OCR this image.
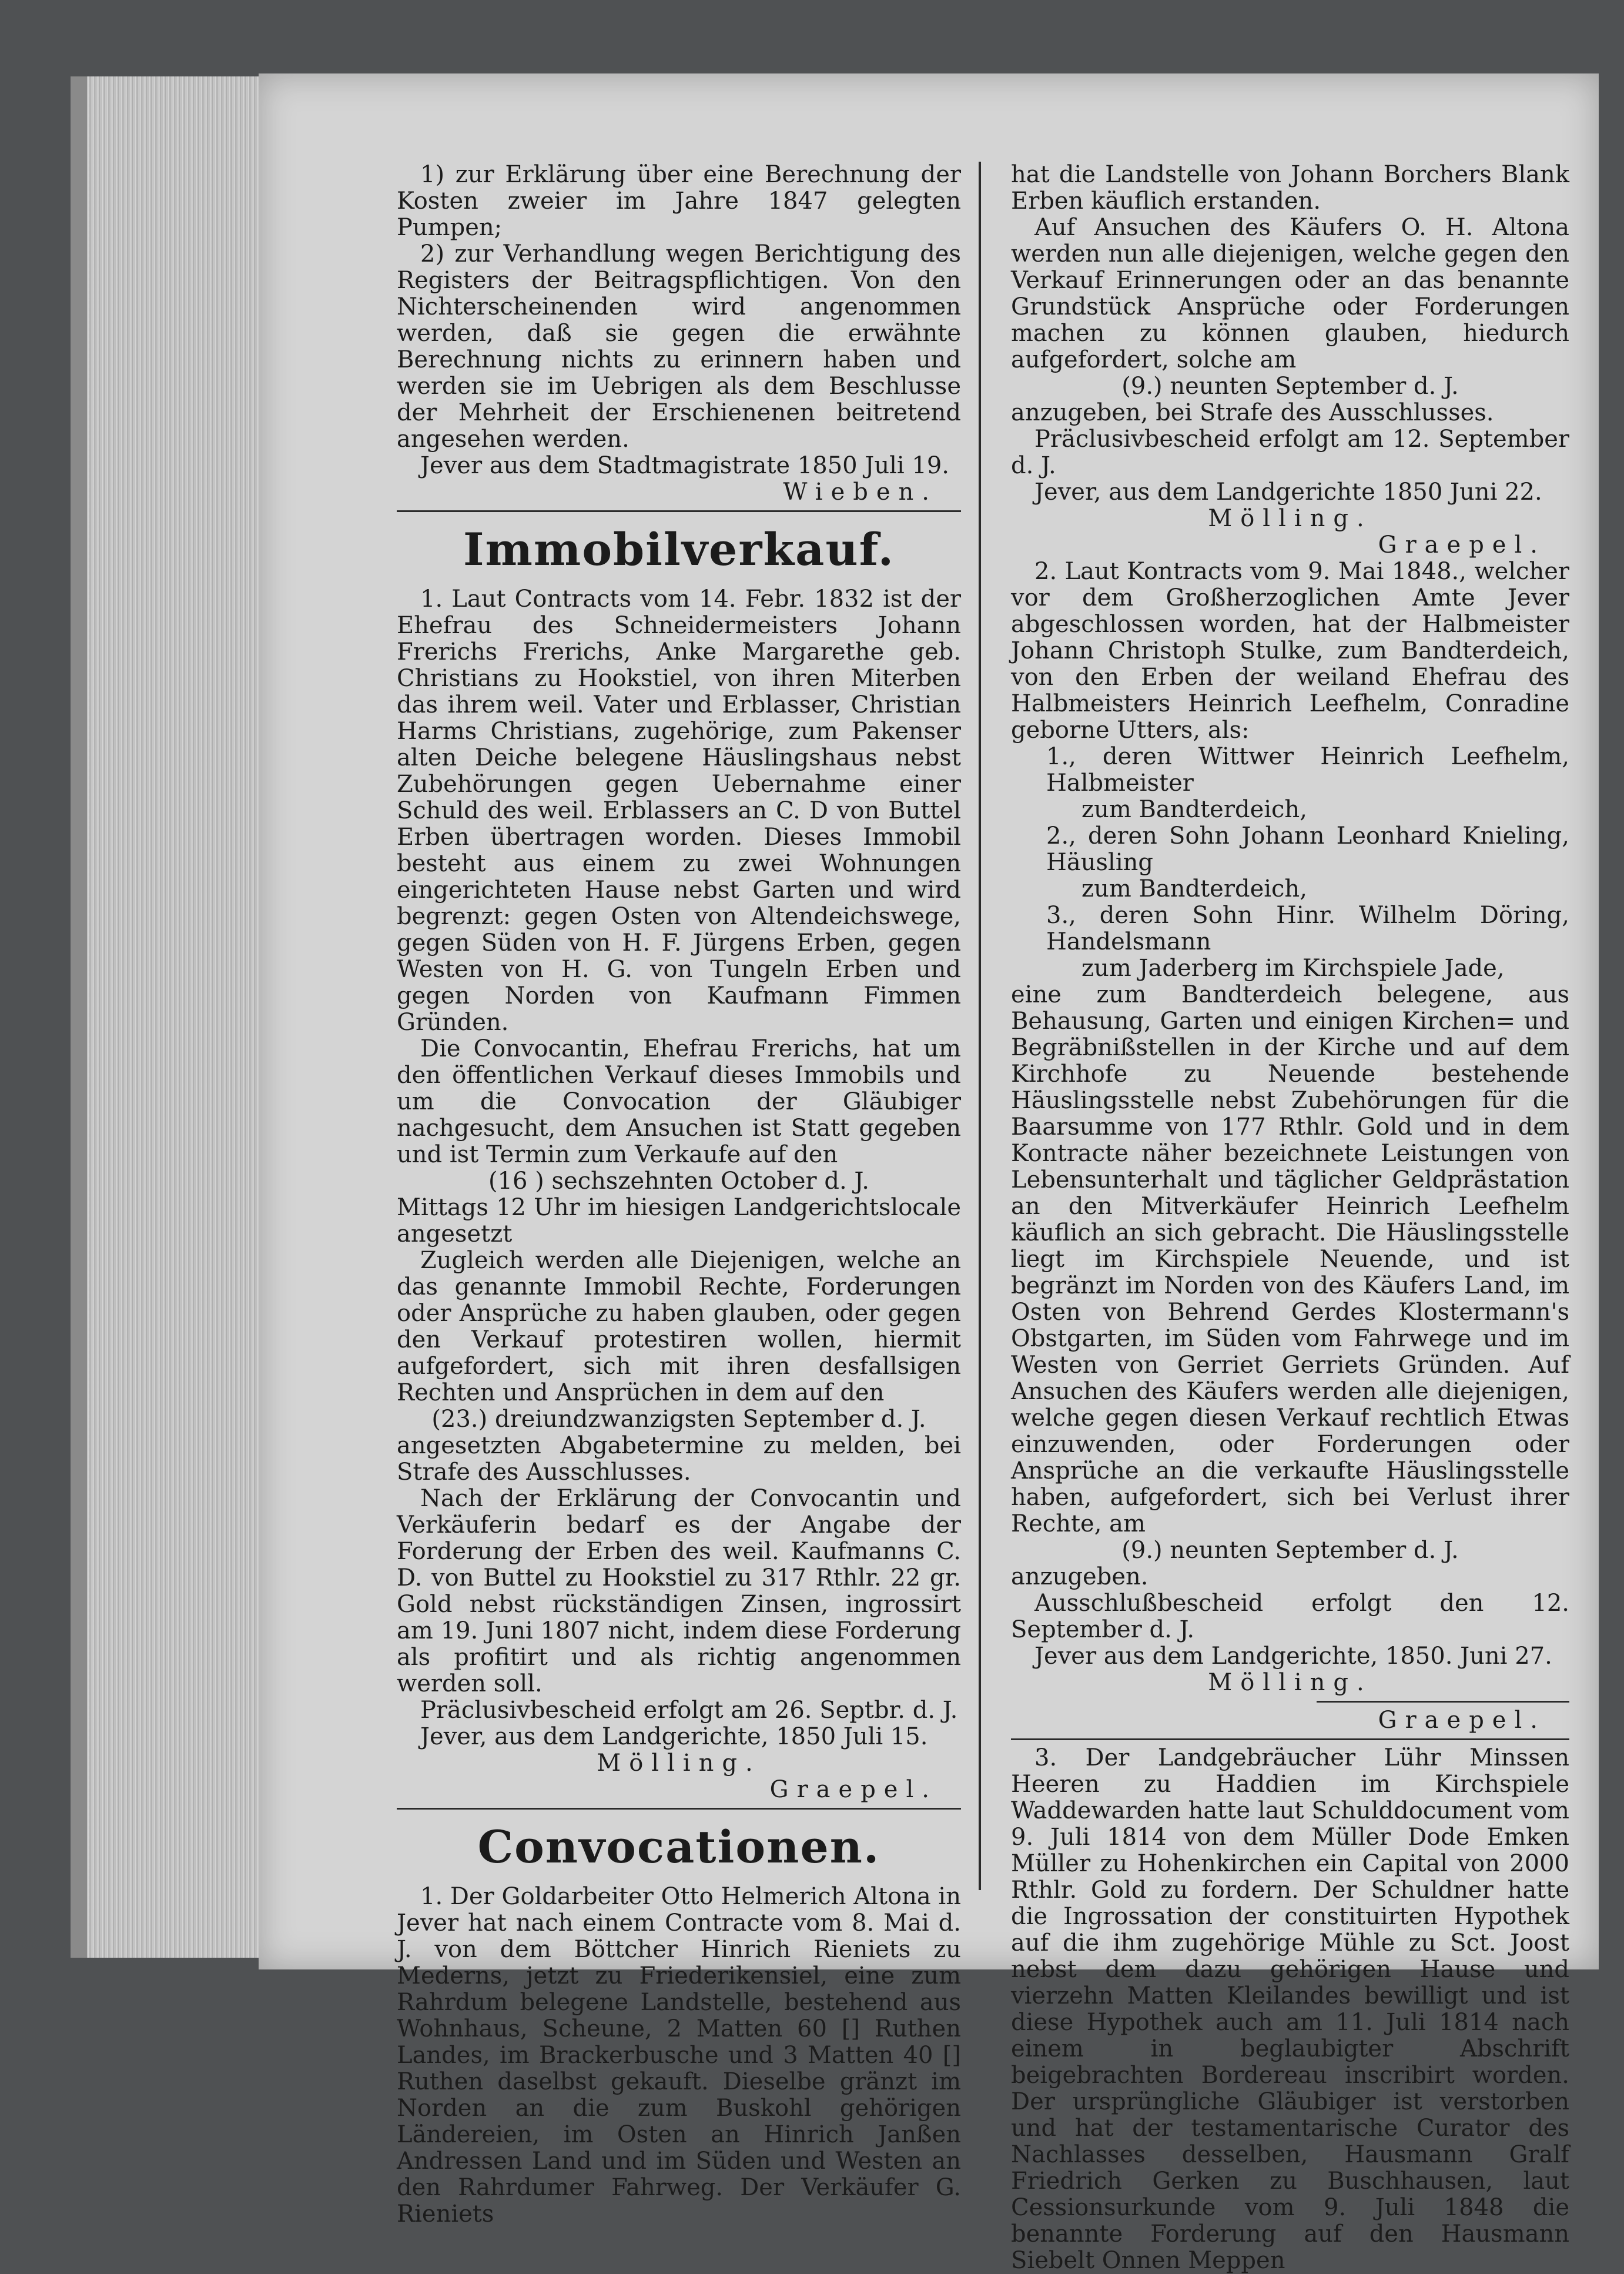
1) zur Erklärung über eine Berechnung der Kosten zweier im Jahre 1847 gelegten Pumpen;

2) zur Verhandlung wegen Berichtigung des Registers der Beitragspflichtigen. Von den Nichterscheinenden wird angenommen werden, daß sie gegen die erwähnte Berechnung nichts zu erinnern haben und werden sie im Uebrigen als dem Beschlusse der Mehrheit der Erschienenen beitretend angesehen werden.

Jever aus dem Stadtmagistrate 1850 Juli 19.

Wieben.

Immobilverkauf.

1. Laut Contracts vom 14. Febr. 1832 ist der Ehefrau des Schneidermeisters Johann Frerichs Frerichs, Anke Margarethe geb. Christians zu Hookstiel, von ihren Miterben das ihrem weil. Vater und Erblasser, Christian Harms Christians, zugehörige, zum Pakenser alten Deiche belegene Häuslingshaus nebst Zubehörungen gegen Uebernahme einer Schuld des weil. Erblassers an C. D von Buttel Erben übertragen worden. Dieses Immobil besteht aus einem zu zwei Wohnungen eingerichteten Hause nebst Garten und wird begrenzt: gegen Osten von Altendeichswege, gegen Süden von H. F. Jürgens Erben, gegen Westen von H. G. von Tungeln Erben und gegen Norden von Kaufmann Fimmen Gründen.

Die Convocantin, Ehefrau Frerichs, hat um den öffentlichen Verkauf dieses Immobils und um die Convocation der Gläubiger nachgesucht, dem Ansuchen ist Statt gegeben und ist Termin zum Verkaufe auf den

(16 ) sechszehnten October d. J.

Mittags 12 Uhr im hiesigen Landgerichtslocale angesetzt

Zugleich werden alle Diejenigen, welche an das genannte Immobil Rechte, Forderungen oder Ansprüche zu haben glauben, oder gegen den Verkauf protestiren wollen, hiermit aufgefordert, sich mit ihren desfallsigen Rechten und Ansprüchen in dem auf den

(23.) dreiundzwanzigsten September d. J.

angesetzten Abgabetermine zu melden, bei Strafe des Ausschlusses.

Nach der Erklärung der Convocantin und Verkäuferin bedarf es der Angabe der Forderung der Erben des weil. Kaufmanns C. D. von Buttel zu Hookstiel zu 317 Rthlr. 22 gr. Gold nebst rückständigen Zinsen, ingrossirt am 19. Juni 1807 nicht, indem diese Forderung als profitirt und als richtig angenommen werden soll.

Präclusivbescheid erfolgt am 26. Septbr. d. J.

Jever, aus dem Landgerichte, 1850 Juli 15.

Mölling.

Graepel.

Convocationen.

1. Der Goldarbeiter Otto Helmerich Altona in Jever hat nach einem Contracte vom 8. Mai d. J. von dem Böttcher Hinrich Rieniets zu Mederns, jetzt zu Friederikensiel, eine zum Rahrdum belegene Landstelle, bestehend aus Wohnhaus, Scheune, 2 Matten 60 [] Ruthen Landes, im Brackerbusche und 3 Matten 40 [] Ruthen daselbst gekauft. Dieselbe gränzt im Norden an die zum Buskohl gehörigen Ländereien, im Osten an Hinrich Janßen Andressen Land und im Süden und Westen an den Rahrdumer Fahrweg. Der Verkäufer G. Rieniets

hat die Landstelle von Johann Borchers Blank Erben käuflich erstanden.

Auf Ansuchen des Käufers O. H. Altona werden nun alle diejenigen, welche gegen den Verkauf Erinnerungen oder an das benannte Grundstück Ansprüche oder Forderungen machen zu können glauben, hiedurch aufgefordert, solche am

(9.) neunten September d. J.

anzugeben, bei Strafe des Ausschlusses.

Präclusivbescheid erfolgt am 12. September d. J.

Jever, aus dem Landgerichte 1850 Juni 22.

Mölling.

Graepel.

2. Laut Kontracts vom 9. Mai 1848., welcher vor dem Großherzoglichen Amte Jever abgeschlossen worden, hat der Halbmeister Johann Christoph Stulke, zum Bandterdeich, von den Erben der weiland Ehefrau des Halbmeisters Heinrich Leefhelm, Conradine geborne Utters, als:

1., deren Wittwer Heinrich Leefhelm, Halbmeister

zum Bandterdeich,

2., deren Sohn Johann Leonhard Knieling, Häusling

zum Bandterdeich,

3., deren Sohn Hinr. Wilhelm Döring, Handelsmann

zum Jaderberg im Kirchspiele Jade,

eine zum Bandterdeich belegene, aus Behausung, Garten und einigen Kirchen= und Begräbnißstellen in der Kirche und auf dem Kirchhofe zu Neuende bestehende Häuslingsstelle nebst Zubehörungen für die Baarsumme von 177 Rthlr. Gold und in dem Kontracte näher bezeichnete Leistungen von Lebensunterhalt und täglicher Geldprästation an den Mitverkäufer Heinrich Leefhelm käuflich an sich gebracht. Die Häuslingsstelle liegt im Kirchspiele Neuende, und ist begränzt im Norden von des Käufers Land, im Osten von Behrend Gerdes Klostermann's Obstgarten, im Süden vom Fahrwege und im Westen von Gerriet Gerriets Gründen. Auf Ansuchen des Käufers werden alle diejenigen, welche gegen diesen Verkauf rechtlich Etwas einzuwenden, oder Forderungen oder Ansprüche an die verkaufte Häuslingsstelle haben, aufgefordert, sich bei Verlust ihrer Rechte, am

(9.) neunten September d. J.

anzugeben.

Ausschlußbescheid erfolgt den 12. September d. J.

Jever aus dem Landgerichte, 1850. Juni 27.

Mölling.

Graepel.

3. Der Landgebräucher Lühr Minssen Heeren zu Haddien im Kirchspiele Waddewarden hatte laut Schulddocument vom 9. Juli 1814 von dem Müller Dode Emken Müller zu Hohenkirchen ein Capital von 2000 Rthlr. Gold zu fordern. Der Schuldner hatte die Ingrossation der constituirten Hypothek auf die ihm zugehörige Mühle zu Sct. Joost nebst dem dazu gehörigen Hause und vierzehn Matten Kleilandes bewilligt und ist diese Hypothek auch am 11. Juli 1814 nach einem in beglaubigter Abschrift beigebrachten Bordereau inscribirt worden. Der ursprüngliche Gläubiger ist verstorben und hat der testamentarische Curator des Nachlasses desselben, Hausmann Gralf Friedrich Gerken zu Buschhausen, laut Cessionsurkunde vom 9. Juli 1848 die benannte Forderung auf den Hausmann Siebelt Onnen Meppen
